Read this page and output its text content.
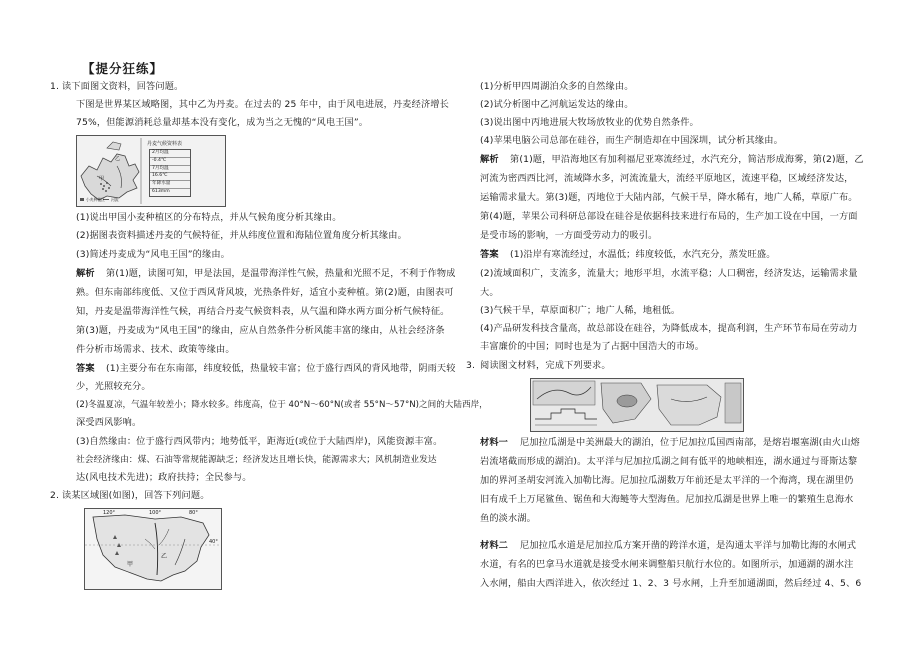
【提分狂练】
1. 读下面图文资料，回答问题。
下图是世界某区域略图，其中乙为丹麦。在过去的 25 年中，由于风电进展，丹麦经济增长
75%，但能源消耗总量却基本没有变化，成为当之无愧的“风电王国”。
甲
乙
丹麦气候资料表
2月均温
-0.4℃
7月均温
16.6℃
年降水量
613mm
小麦种植区 河流
(1)说出甲国小麦种植区的分布特点，并从气候角度分析其缘由。
(2)据图表资料描述丹麦的气候特征，并从纬度位置和海陆位置角度分析其缘由。
(3)简述丹麦成为“风电王国”的缘由。
解析 第(1)题，读图可知，甲是法国，是温带海洋性气候，热量和光照不足，不利于作物成
熟。但东南部纬度低、又位于西风背风坡，光热条件好，适宜小麦种植。第(2)题，由图表可
知，丹麦是温带海洋性气候，再结合丹麦气候资料表，从气温和降水两方面分析气候特征。
第(3)题，丹麦成为“风电王国”的缘由，应从自然条件分析风能丰富的缘由，从社会经济条
件分析市场需求、技术、政策等缘由。
答案 (1)主要分布在东南部，纬度较低，热量较丰富；位于盛行西风的背风地带，阴雨天较
少，光照较充分。
(2)冬温夏凉，气温年较差小；降水较多。纬度高，位于 40°N～60°N(或者 55°N～57°N)之间的大陆西岸，
深受西风影响。
(3)自然缘由：位于盛行西风带内；地势低平，距海近(或位于大陆西岸)，风能资源丰富。
社会经济缘由：煤、石油等常规能源缺乏；经济发达且增长快，能源需求大；风机制造业发达
达(风电技术先进)；政府扶持；全民参与。
2. 读某区域图(如图)，回答下列问题。
120°	100°	80°
40°
甲
乙
(1)分析甲四周湖泊众多的自然缘由。
(2)试分析图中乙河航运发达的缘由。
(3)说出图中丙地进展大牧场放牧业的优势自然条件。
(4)苹果电脑公司总部在硅谷，而生产制造却在中国深圳，试分析其缘由。
解析 第(1)题，甲沿海地区有加利福尼亚寒流经过，水汽充分，简洁形成海雾，第(2)题，乙
河流为密西西比河，流域降水多，河流流量大，流经平原地区，流速平稳，区域经济发达，
运输需求量大。第(3)题，丙地位于大陆内部，气候干旱，降水稀有，地广人稀，草原广布。
第(4)题，苹果公司科研总部设在硅谷是依据科技来进行布局的，生产加工设在中国，一方面
是受市场的影响，一方面受劳动力的吸引。
答案 (1)沿岸有寒流经过，水温低；纬度较低，水汽充分，蒸发旺盛。
(2)流域面积广，支流多，流量大；地形平坦，水流平稳；人口稠密，经济发达，运输需求量
大。
(3)气候干旱，草原面积广；地广人稀，地租低。
(4)产品研发科技含量高，故总部设在硅谷，为降低成本，提高利润，生产环节布局在劳动力
丰富廉价的中国；同时也是为了占据中国浩大的市场。
3. 阅读图文材料，完成下列要求。
材料一 尼加拉瓜湖是中美洲最大的湖泊，位于尼加拉瓜国西南部，是熔岩堰塞湖(由火山熔
岩流堵截而形成的湖泊)。太平洋与尼加拉瓜湖之间有低平的地峡相连，湖水通过与哥斯达黎
加的界河圣胡安河流入加勒比海。尼加拉瓜湖数万年前还是太平洋的一个海湾，现在湖里仍
旧有成千上万尾鲨鱼、锯鱼和大海鲢等大型海鱼。尼加拉瓜湖是世界上唯一的繁殖生息海水
鱼的淡水湖。
材料二 尼加拉瓜水道是尼加拉瓜方案开凿的跨洋水道，是沟通太平洋与加勒比海的水闸式
水道，有名的巴拿马水道就是接受水闸来调整船只航行水位的。如图所示，加通湖的湖水注
入水闸，船由大西洋进入，依次经过 1、2、3 号水闸，上升至加通湖面，然后经过 4、5、6
